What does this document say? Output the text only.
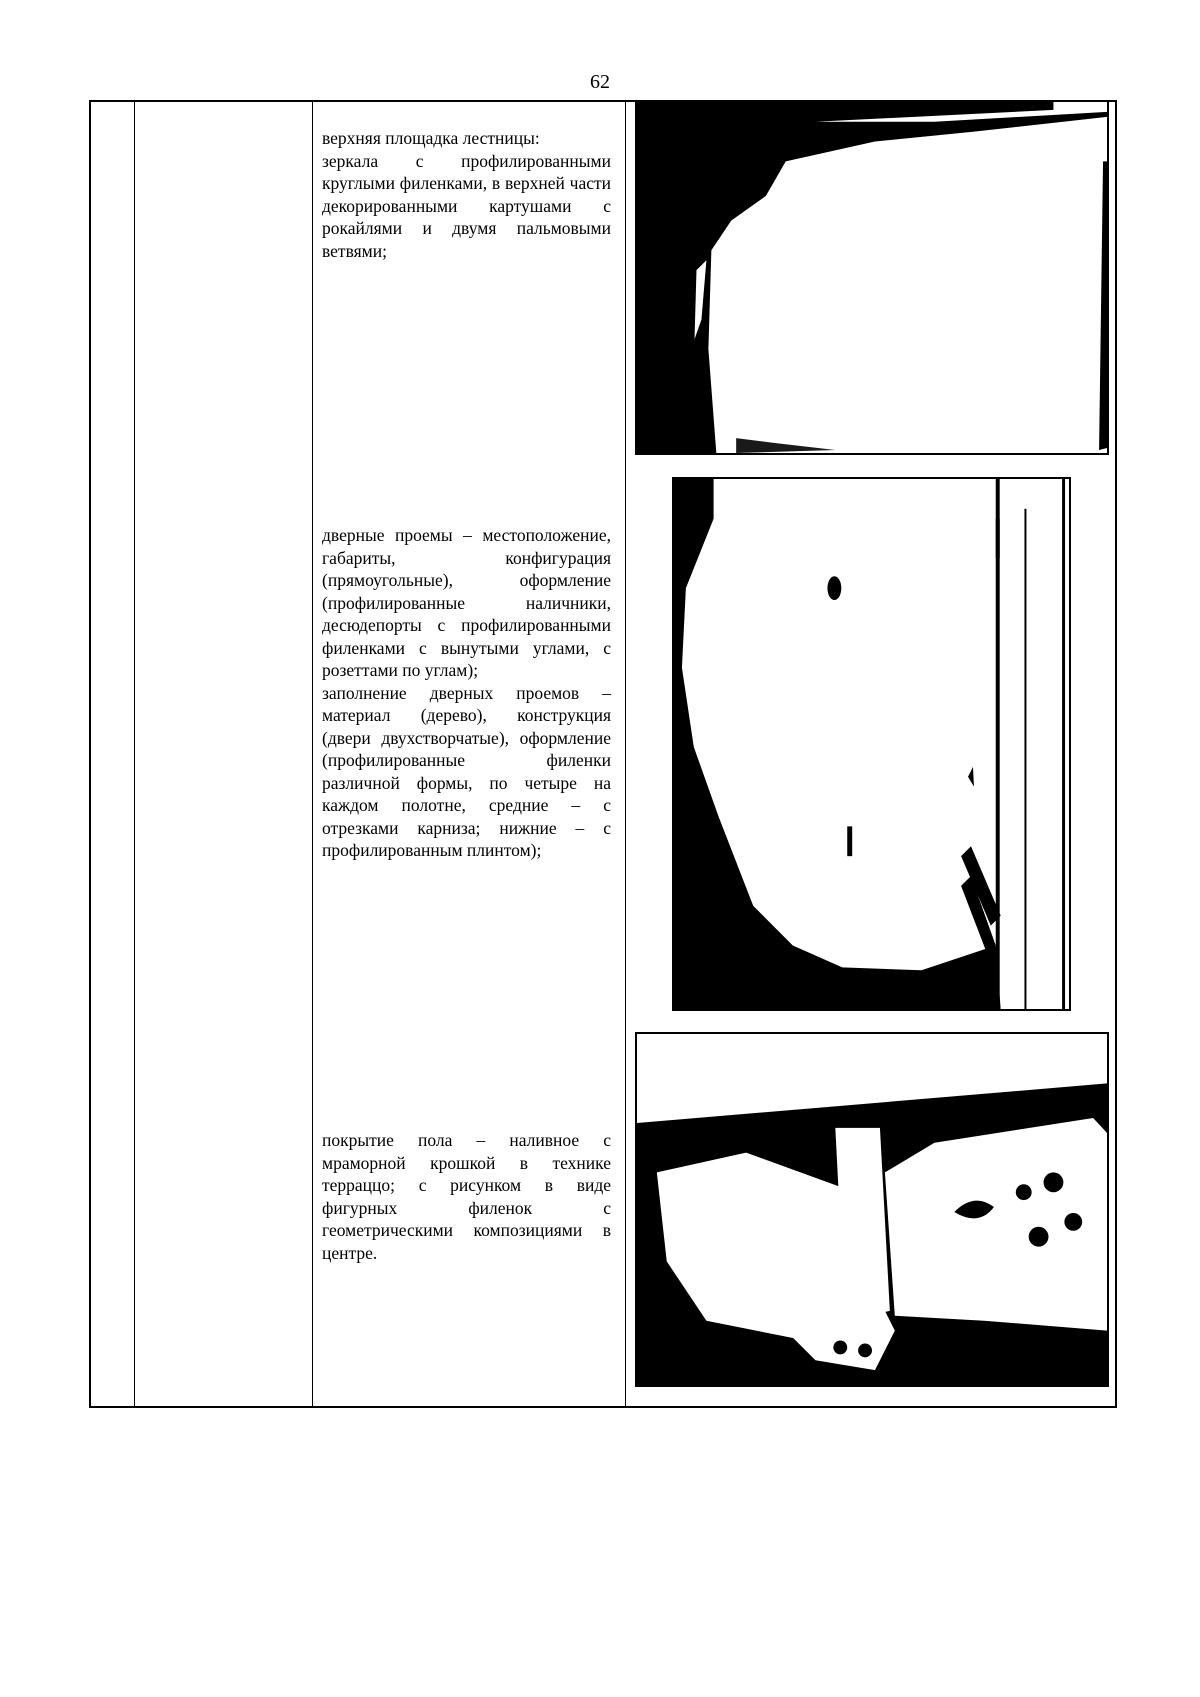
62

верхняя площадка лестницы:

зеркала с профилированными круглыми филенками, в верхней части декорированными картушами с рокайлями и двумя пальмовыми ветвями;

дверные проемы – местоположение, габариты, конфигурация (прямоугольные), оформление (профилированные наличники, десюдепорты с профилированными филенками с вынутыми углами, с розеттами по углам);

заполнение дверных проемов – материал (дерево), конструкция (двери двухстворчатые), оформление (профилированные филенки различной формы, по четыре на каждом полотне, средние – с отрезками карниза; нижние – с профилированным плинтом);

покрытие пола – наливное с мраморной крошкой в технике терраццо; с рисунком в виде фигурных филенок с геометрическими композициями в центре.
